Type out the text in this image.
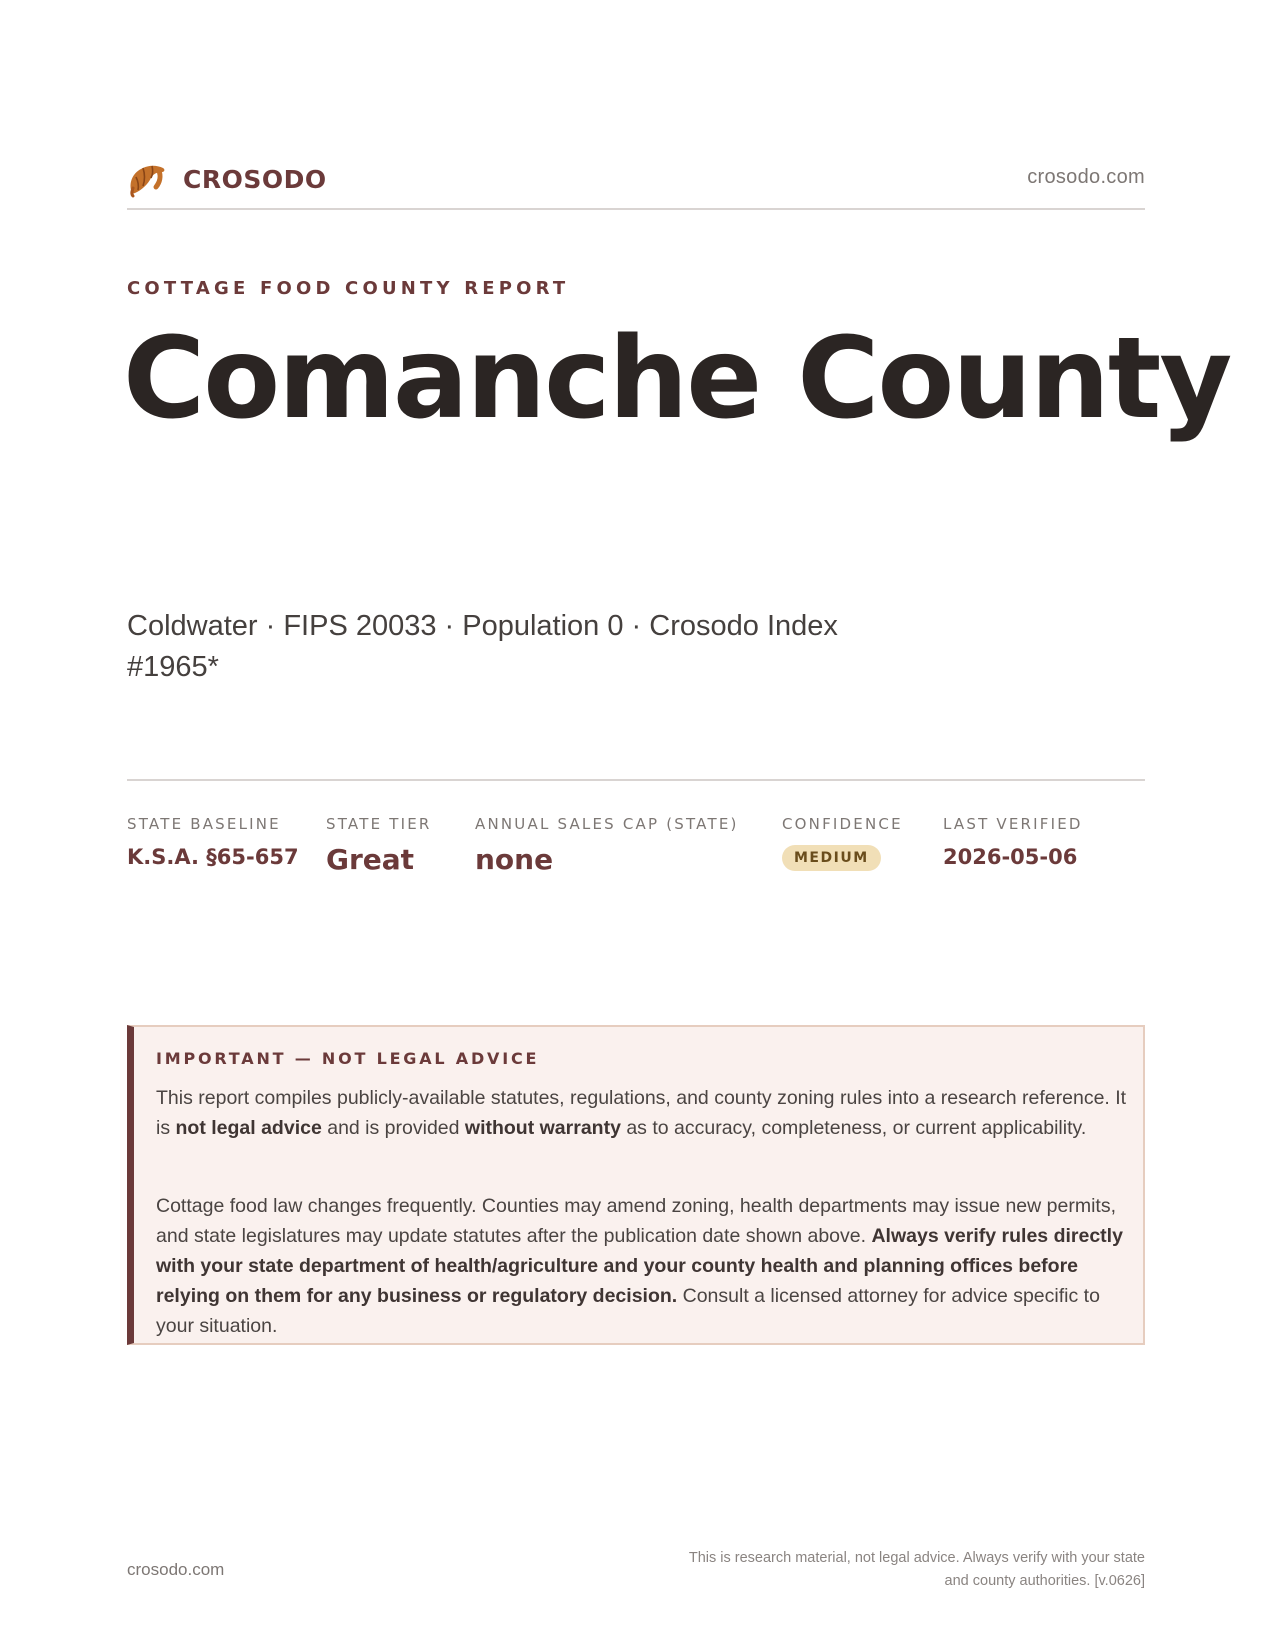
CROSODO	crosodo.com
COTTAGE FOOD COUNTY REPORT
Comanche County
Coldwater · FIPS 20033 · Population 0 · Crosodo Index #1965*
STATE BASELINE
K.S.A. §65-657
STATE TIER
Great
ANNUAL SALES CAP (STATE)
none
CONFIDENCE
MEDIUM
LAST VERIFIED
2026-05-06
IMPORTANT — NOT LEGAL ADVICE

This report compiles publicly-available statutes, regulations, and county zoning rules into a research reference. It is not legal advice and is provided without warranty as to accuracy, completeness, or current applicability.

Cottage food law changes frequently. Counties may amend zoning, health departments may issue new permits, and state legislatures may update statutes after the publication date shown above. Always verify rules directly with your state department of health/agriculture and your county health and planning offices before relying on them for any business or regulatory decision. Consult a licensed attorney for advice specific to your situation.

crosodo.com
This is research material, not legal advice. Always verify with your state
and county authorities. [v.0626]
